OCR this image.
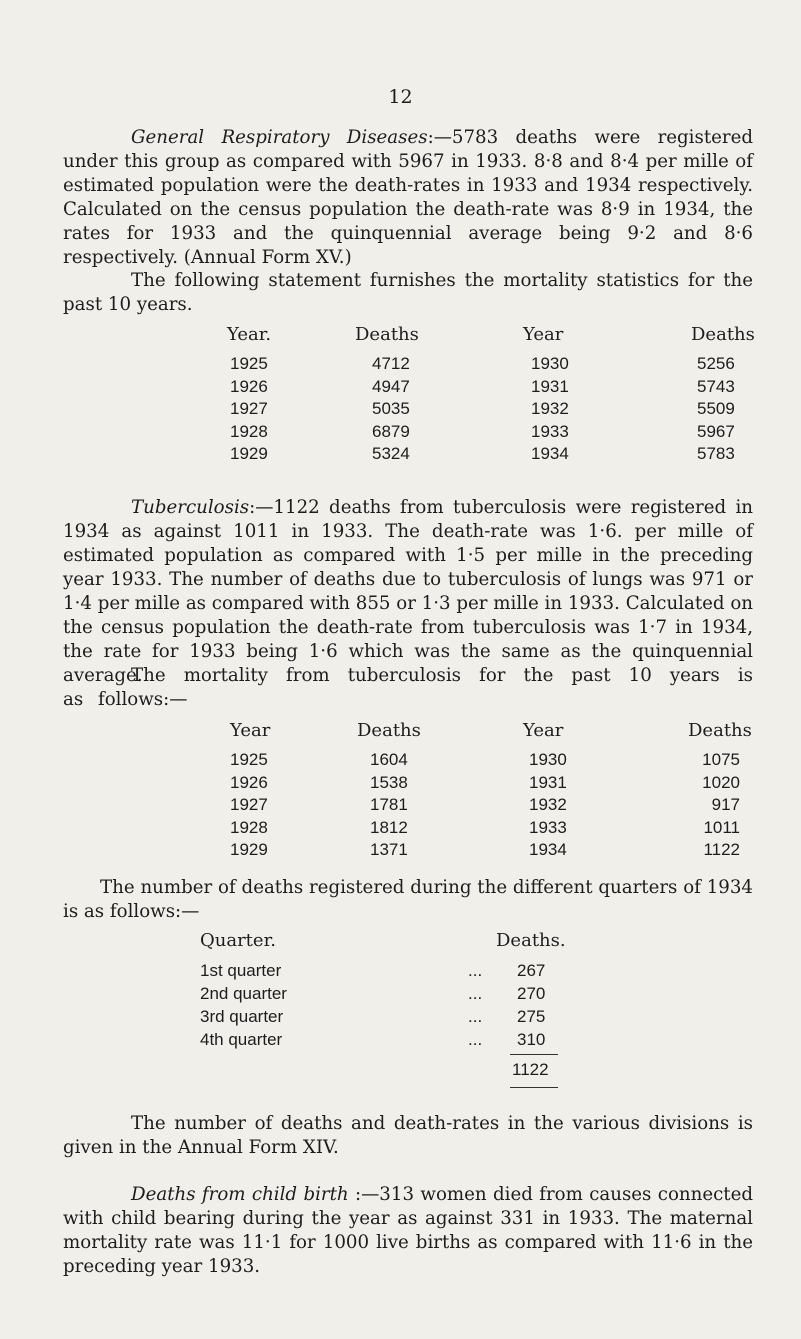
12

General Respiratory Diseases:—5783 deaths were registered under this group as compared with 5967 in 1933. 8·8 and 8·4 per mille of estimated population were the death-rates in 1933 and 1934 respectively. Calculated on the census population the death-rate was 8·9 in 1934, the rates for 1933 and the quinquennial average being 9·2 and 8·6 respectively. (Annual Form XV.)

The following statement furnishes the mortality statistics for the past 10 years.

Year.	Deaths	Year	Deaths
1925	4712	1930	5256
1926	4947	1931	5743
1927	5035	1932	5509
1928	6879	1933	5967
1929	5324	1934	5783

Tuberculosis:—1122 deaths from tuberculosis were registered in 1934 as against 1011 in 1933. The death-rate was 1·6. per mille of estimated population as compared with 1·5 per mille in the preceding year 1933. The number of deaths due to tuberculosis of lungs was 971 or 1·4 per mille as compared with 855 or 1·3 per mille in 1933. Calculated on the census population the death-rate from tuberculosis was 1·7 in 1934, the rate for 1933 being 1·6 which was the same as the quinquennial average.

The mortality from tuberculosis for the past 10 years is as follows:—

Year	Deaths	Year	Deaths
1925	1604	1930	1075
1926	1538	1931	1020
1927	1781	1932	917
1928	1812	1933	1011
1929	1371	1934	1122

The number of deaths registered during the different quarters of 1934 is as follows:—

Quarter.	Deaths.
1st quarter	... 267
2nd quarter	... 270
3rd quarter	... 275
4th quarter	... 310
1122

The number of deaths and death-rates in the various divisions is given in the Annual Form XIV.

Deaths from child birth :—313 women died from causes connected with child bearing during the year as against 331 in 1933. The maternal mortality rate was 11·1 for 1000 live births as compared with 11·6 in the preceding year 1933.
